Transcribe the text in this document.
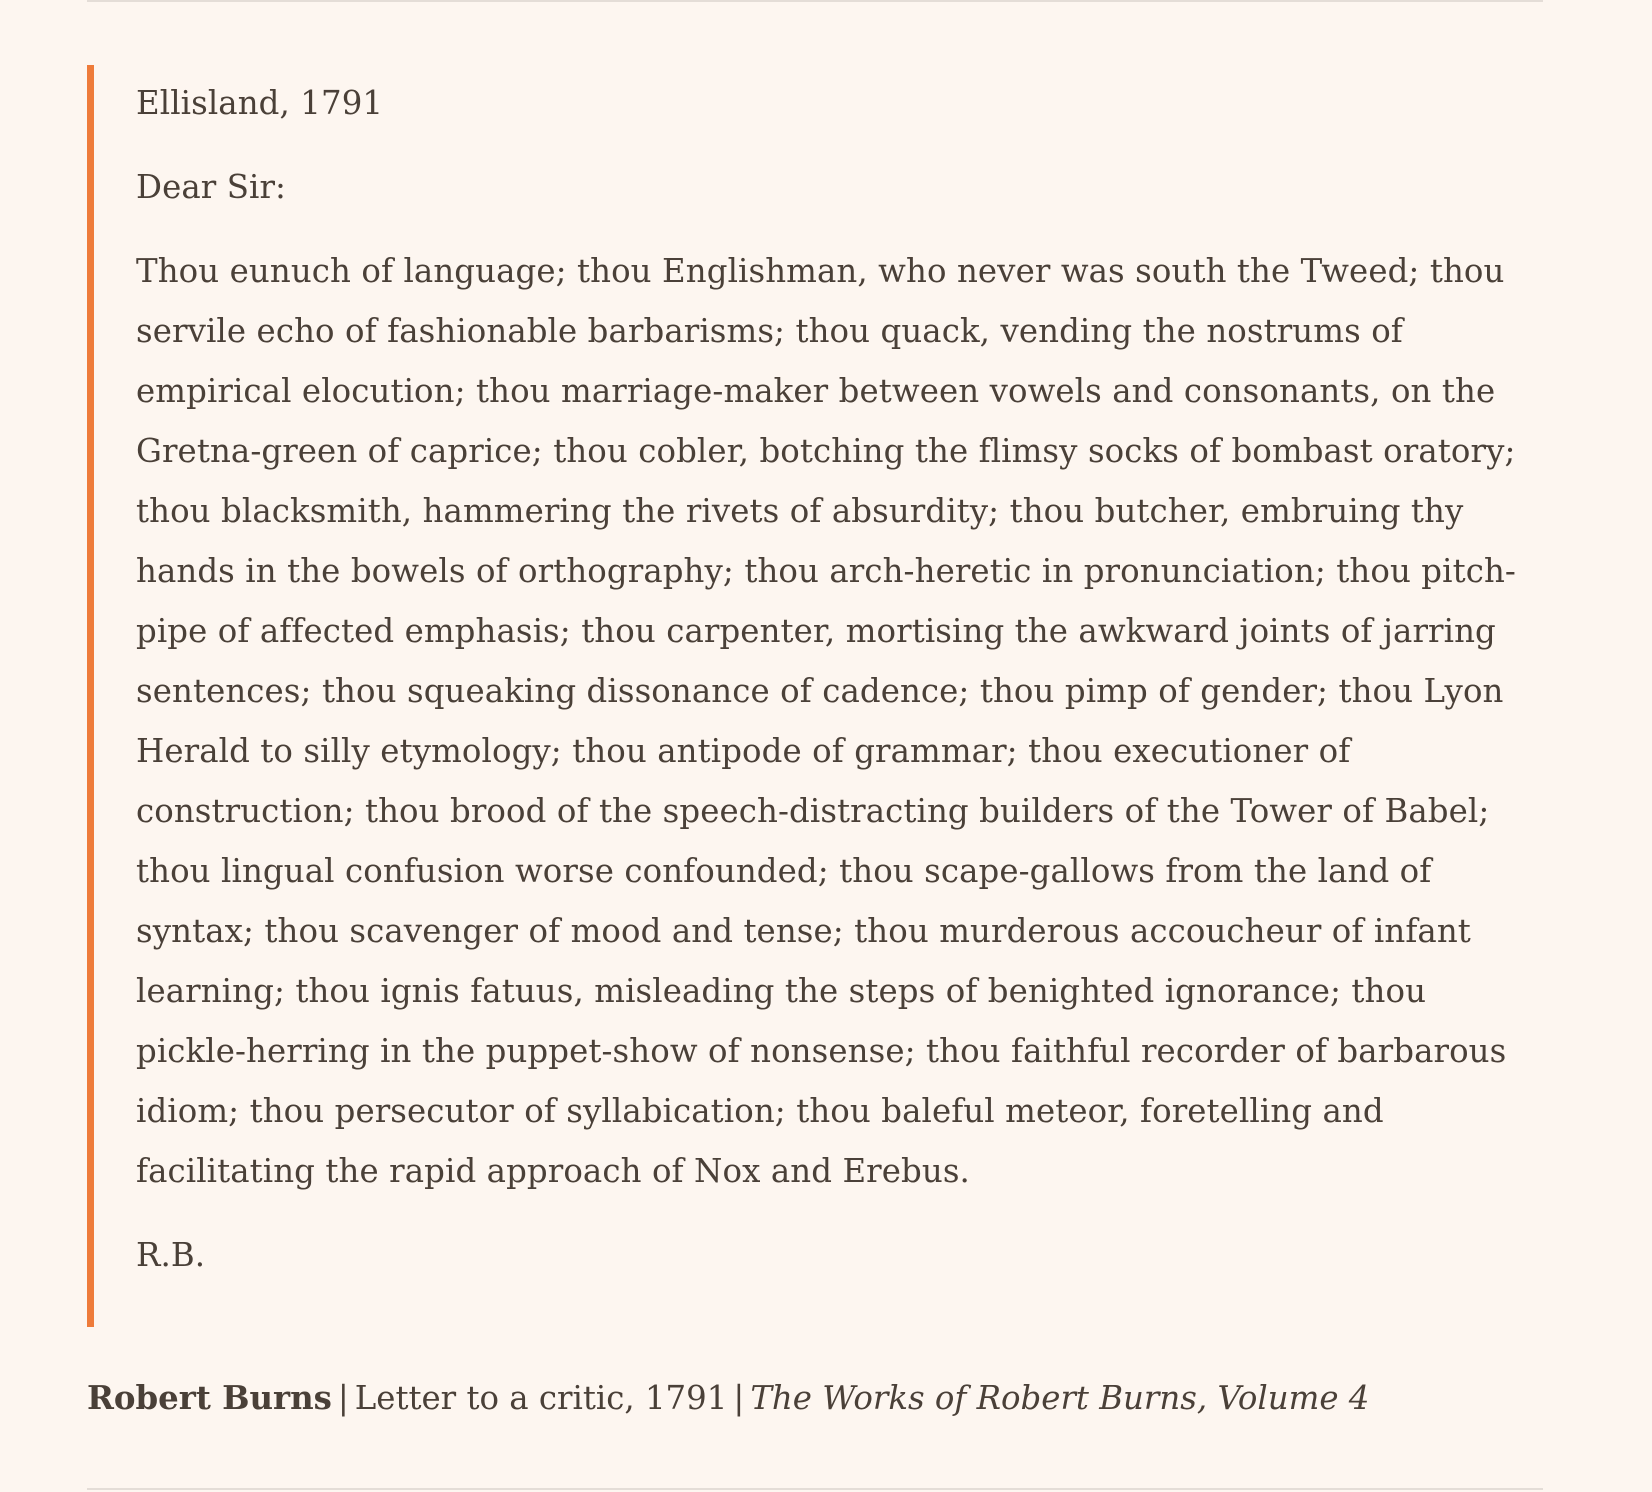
Ellisland, 1791

Dear Sir:

Thou eunuch of language; thou Englishman, who never was south the Tweed; thou servile echo of fashionable barbarisms; thou quack, vending the nostrums of empirical elocution; thou marriage-maker between vowels and consonants, on the Gretna-green of caprice; thou cobler, botching the flimsy socks of bombast oratory; thou blacksmith, hammering the rivets of absurdity; thou butcher, embruing thy hands in the bowels of orthography; thou arch-heretic in pronunciation; thou pitch-pipe of affected emphasis; thou carpenter, mortising the awkward joints of jarring sentences; thou squeaking dissonance of cadence; thou pimp of gender; thou Lyon Herald to silly etymology; thou antipode of grammar; thou executioner of construction; thou brood of the speech-distracting builders of the Tower of Babel; thou lingual confusion worse confounded; thou scape-gallows from the land of syntax; thou scavenger of mood and tense; thou murderous accoucheur of infant learning; thou ignis fatuus, misleading the steps of benighted ignorance; thou pickle-herring in the puppet-show of nonsense; thou faithful recorder of barbarous idiom; thou persecutor of syllabication; thou baleful meteor, foretelling and facilitating the rapid approach of Nox and Erebus.

R.B.

Robert Burns | Letter to a critic, 1791 | The Works of Robert Burns, Volume 4
